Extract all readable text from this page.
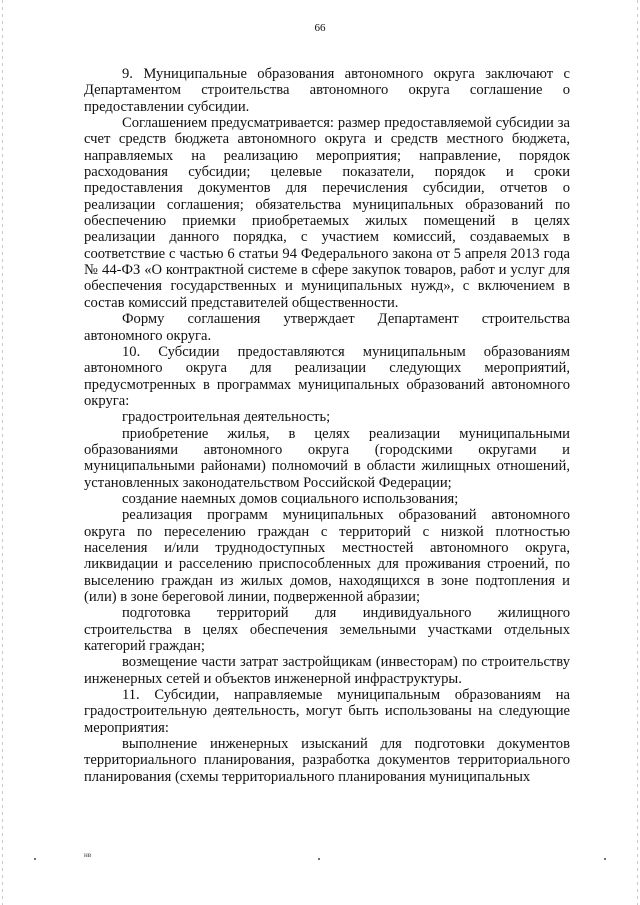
66

9. Муниципальные образования автономного округа заключают с Департаментом строительства автономного округа соглашение о предоставлении субсидии.

Соглашением предусматривается: размер предоставляемой субсидии за счет средств бюджета автономного округа и средств местного бюджета, направляемых на реализацию мероприятия; направление, порядок расходования субсидии; целевые показатели, порядок и сроки предоставления документов для перечисления субсидии, отчетов о реализации соглашения; обязательства муниципальных образований по обеспечению приемки приобретаемых жилых помещений в целях реализации данного порядка, с участием комиссий, создаваемых в соответствие с частью 6 статьи 94 Федерального закона от 5 апреля 2013 года № 44-ФЗ «О контрактной системе в сфере закупок товаров, работ и услуг для обеспечения государственных и муниципальных нужд», с включением в состав комиссий представителей общественности.

Форму соглашения утверждает Департамент строительства автономного округа.

10. Субсидии предоставляются муниципальным образованиям автономного округа для реализации следующих мероприятий, предусмотренных в программах муниципальных образований автономного округа:

градостроительная деятельность;

приобретение жилья, в целях реализации муниципальными образованиями автономного округа (городскими округами и муниципальными районами) полномочий в области жилищных отношений, установленных законодательством Российской Федерации;

создание наемных домов социального использования;

реализация программ муниципальных образований автономного округа по переселению граждан с территорий с низкой плотностью населения и/или труднодоступных местностей автономного округа, ликвидации и расселению приспособленных для проживания строений, по выселению граждан из жилых домов, находящихся в зоне подтопления и (или) в зоне береговой линии, подверженной абразии;

подготовка территорий для индивидуального жилищного строительства в целях обеспечения земельными участками отдельных категорий граждан;

возмещение части затрат застройщикам (инвесторам) по строительству инженерных сетей и объектов инженерной инфраструктуры.

11. Субсидии, направляемые муниципальным образованиям на градостроительную деятельность, могут быть использованы на следующие мероприятия:

выполнение инженерных изысканий для подготовки документов территориального планирования, разработка документов территориального планирования (схемы территориального планирования муниципальных

нв
